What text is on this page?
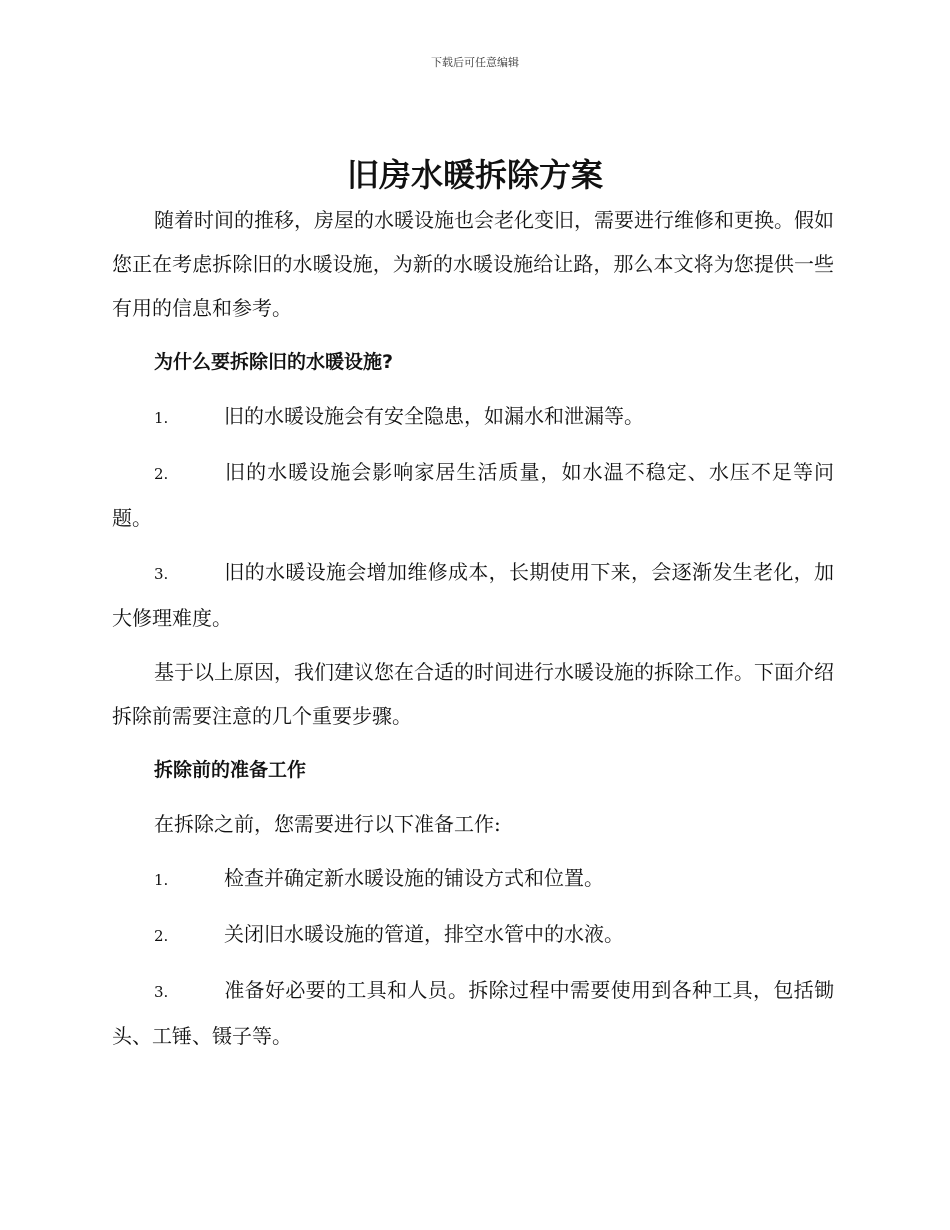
下载后可任意编辑
旧房水暖拆除方案

随着时间的推移，房屋的水暖设施也会老化变旧，需要进行维修和更换。假如您正在考虑拆除旧的水暖设施，为新的水暖设施给让路，那么本文将为您提供一些有用的信息和参考。

为什么要拆除旧的水暖设施?

1.	旧的水暖设施会有安全隐患，如漏水和泄漏等。

2.	旧的水暖设施会影响家居生活质量，如水温不稳定、水压不足等问题。

3.	旧的水暖设施会增加维修成本，长期使用下来，会逐渐发生老化，加大修理难度。

基于以上原因，我们建议您在合适的时间进行水暖设施的拆除工作。下面介绍拆除前需要注意的几个重要步骤。

拆除前的准备工作

在拆除之前，您需要进行以下准备工作:

1.	检查并确定新水暖设施的铺设方式和位置。

2.	关闭旧水暖设施的管道，排空水管中的水液。

3.	准备好必要的工具和人员。拆除过程中需要使用到各种工具，包括锄头、工锤、镊子等。
